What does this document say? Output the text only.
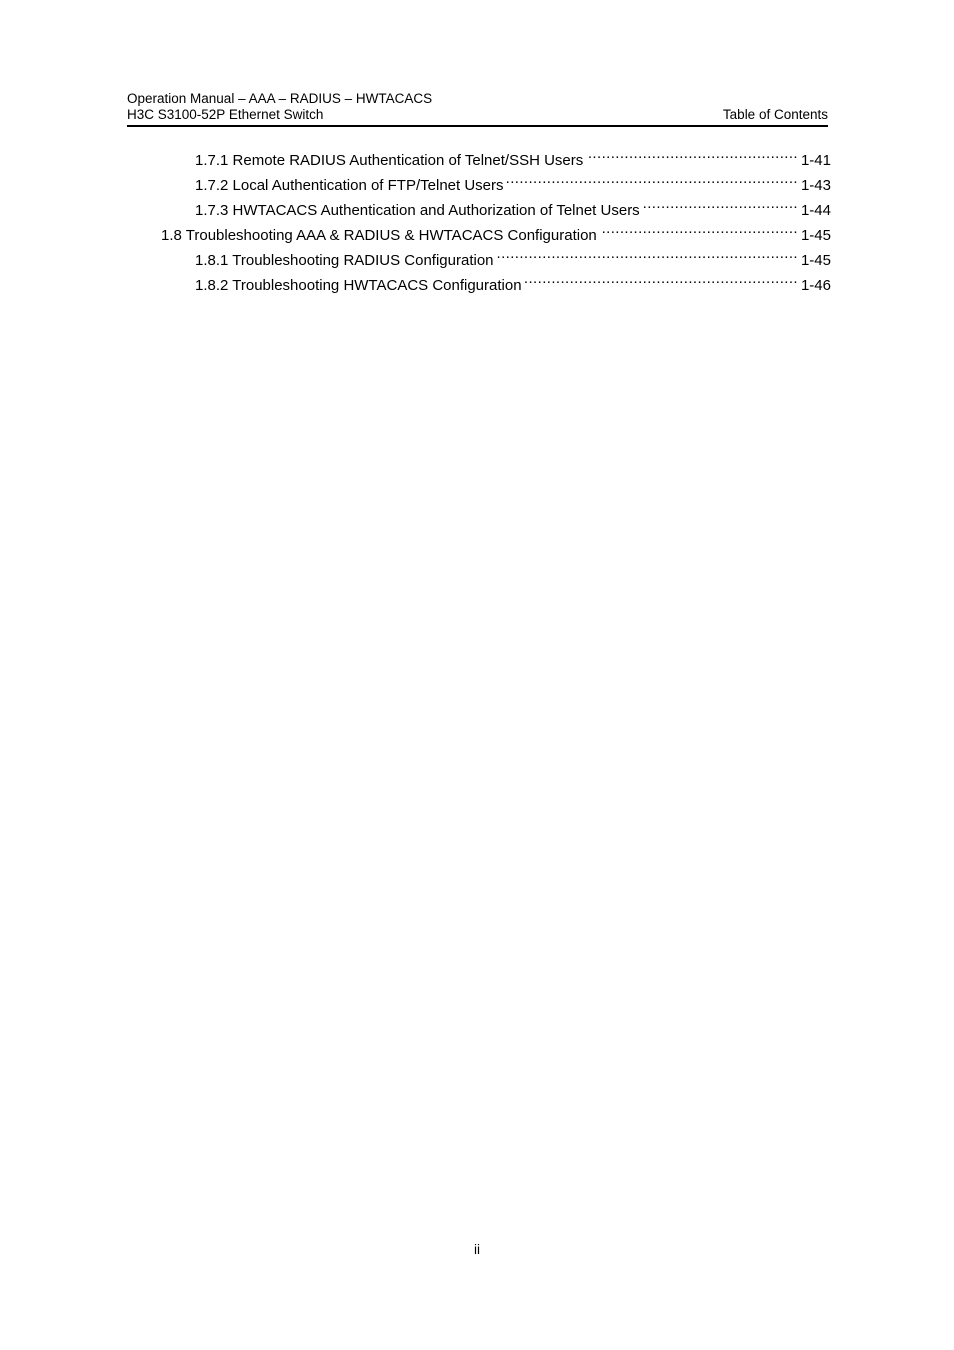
Operation Manual – AAA – RADIUS – HWTACACS
H3C S3100-52P Ethernet Switch	Table of Contents
1.7.1 Remote RADIUS Authentication of Telnet/SSH Users .....	1-41
1.7.2 Local Authentication of FTP/Telnet Users .....	1-43
1.7.3 HWTACACS Authentication and Authorization of Telnet Users .....	1-44
1.8 Troubleshooting AAA & RADIUS & HWTACACS Configuration .....	1-45
1.8.1 Troubleshooting RADIUS Configuration .....	1-45
1.8.2 Troubleshooting HWTACACS Configuration .....	1-46
ii
